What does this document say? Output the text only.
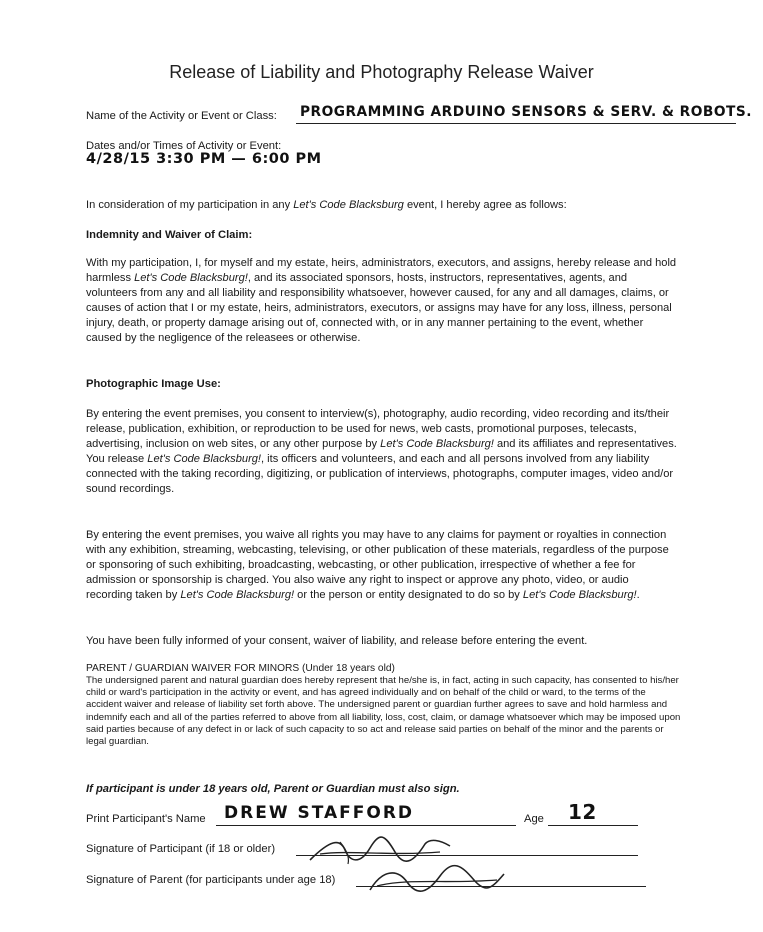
Release of Liability and Photography Release Waiver
Name of the Activity or Event or Class: PROGRAMMING ARDUINO SENSORS & SERV. & ROBOTS.
Dates and/or Times of Activity or Event:
4/28/15 3:30 PM — 6:00 PM

In consideration of my participation in any Let's Code Blacksburg event, I hereby agree as follows:

Indemnity and Waiver of Claim:

With my participation, I, for myself and my estate, heirs, administrators, executors, and assigns, hereby release and hold harmless Let's Code Blacksburg!, and its associated sponsors, hosts, instructors, representatives, agents, and volunteers from any and all liability and responsibility whatsoever, however caused, for any and all damages, claims, or causes of action that I or my estate, heirs, administrators, executors, or assigns may have for any loss, illness, personal injury, death, or property damage arising out of, connected with, or in any manner pertaining to the event, whether caused by the negligence of the releasees or otherwise.

Photographic Image Use:

By entering the event premises, you consent to interview(s), photography, audio recording, video recording and its/their release, publication, exhibition, or reproduction to be used for news, web casts, promotional purposes, telecasts, advertising, inclusion on web sites, or any other purpose by Let's Code Blacksburg! and its affiliates and representatives. You release Let's Code Blacksburg!, its officers and volunteers, and each and all persons involved from any liability connected with the taking recording, digitizing, or publication of interviews, photographs, computer images, video and/or sound recordings.

By entering the event premises, you waive all rights you may have to any claims for payment or royalties in connection with any exhibition, streaming, webcasting, televising, or other publication of these materials, regardless of the purpose or sponsoring of such exhibiting, broadcasting, webcasting, or other publication, irrespective of whether a fee for admission or sponsorship is charged. You also waive any right to inspect or approve any photo, video, or audio recording taken by Let's Code Blacksburg! or the person or entity designated to do so by Let's Code Blacksburg!.

You have been fully informed of your consent, waiver of liability, and release before entering the event.

PARENT / GUARDIAN WAIVER FOR MINORS (Under 18 years old)

The undersigned parent and natural guardian does hereby represent that he/she is, in fact, acting in such capacity, has consented to his/her child or ward's participation in the activity or event, and has agreed individually and on behalf of the child or ward, to the terms of the accident waiver and release of liability set forth above. The undersigned parent or guardian further agrees to save and hold harmless and indemnify each and all of the parties referred to above from all liability, loss, cost, claim, or damage whatsoever which may be imposed upon said parties because of any defect in or lack of such capacity to so act and release said parties on behalf of the minor and the parents or legal guardian.

If participant is under 18 years old, Parent or Guardian must also sign.
Print Participant's Name DREW STAFFORD	Age 12
Signature of Participant (if 18 or older)
Signature of Parent (for participants under age 18)
